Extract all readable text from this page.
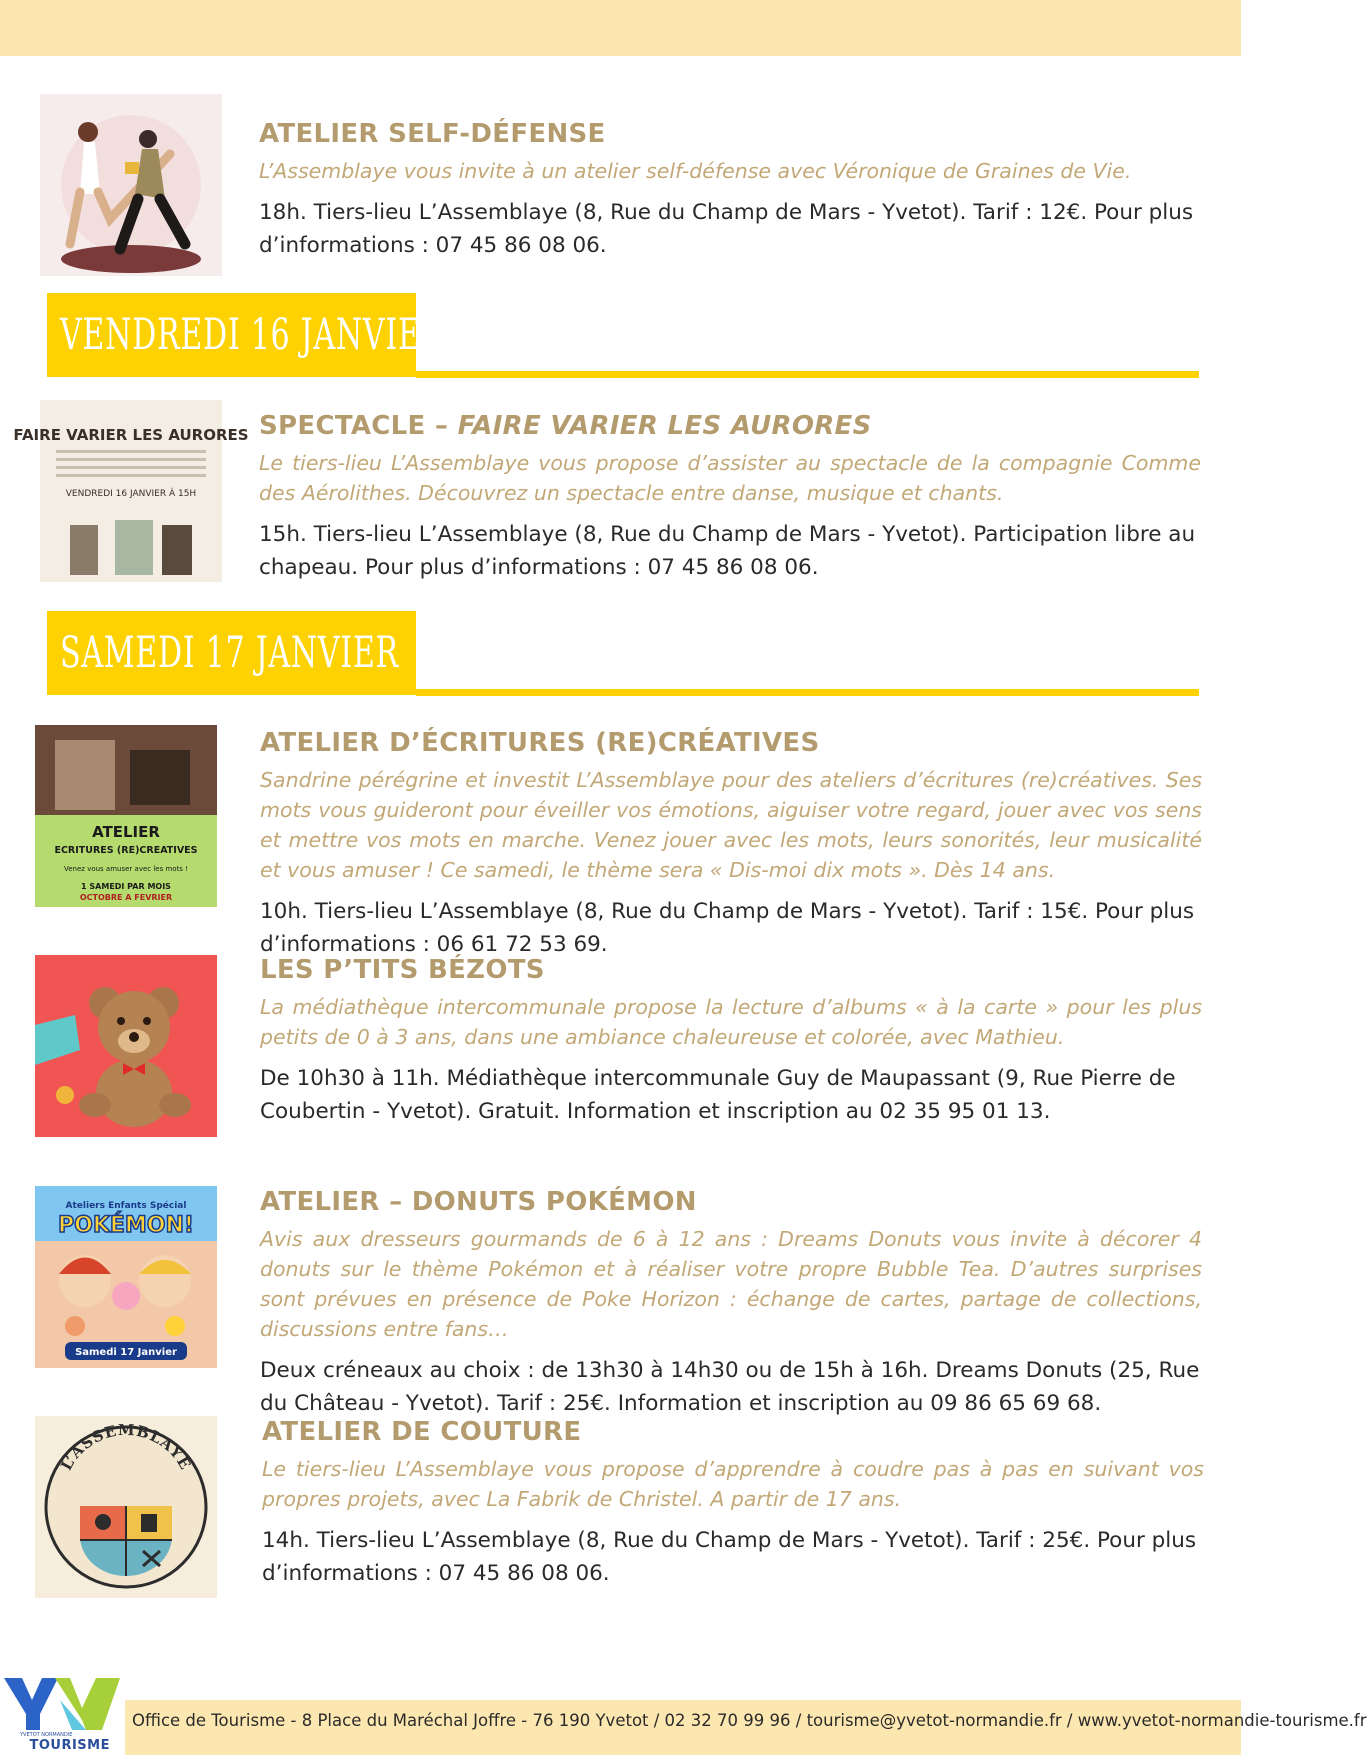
ATELIER SELF-DÉFENSE
L’Assemblaye vous invite à un atelier self-défense avec Véronique de Graines de Vie.
18h. Tiers-lieu L’Assemblaye (8, Rue du Champ de Mars - Yvetot). Tarif : 12€. Pour plus d’informations : 07 45 86 08 06.
VENDREDI 16 JANVIER
FAIRE VARIER LES AURORES
VENDREDI 16 JANVIER À 15H
SPECTACLE – FAIRE VARIER LES AURORES
Le tiers-lieu L’Assemblaye vous propose d’assister au spectacle de la compagnie Comme des Aérolithes. Découvrez un spectacle entre danse, musique et chants.
15h. Tiers-lieu L’Assemblaye (8, Rue du Champ de Mars - Yvetot). Participation libre au chapeau. Pour plus d’informations : 07 45 86 08 06.
SAMEDI 17 JANVIER
ATELIER
ECRITURES (RE)CREATIVES
Venez vous amuser avec les mots !
1 SAMEDI PAR MOIS
OCTOBRE A FEVRIER
ATELIER D’ÉCRITURES (RE)CRÉATIVES
Sandrine pérégrine et investit L’Assemblaye pour des ateliers d’écritures (re)créatives. Ses mots vous guideront pour éveiller vos émotions, aiguiser votre regard, jouer avec vos sens et mettre vos mots en marche. Venez jouer avec les mots, leurs sonorités, leur musicalité et vous amuser ! Ce samedi, le thème sera « Dis-moi dix mots ». Dès 14 ans.
10h. Tiers-lieu L’Assemblaye (8, Rue du Champ de Mars - Yvetot). Tarif : 15€. Pour plus d’informations : 06 61 72 53 69.
LES P’TITS BÉZOTS
La médiathèque intercommunale propose la lecture d’albums « à la carte » pour les plus petits de 0 à 3 ans, dans une ambiance chaleureuse et colorée, avec Mathieu.
De 10h30 à 11h. Médiathèque intercommunale Guy de Maupassant (9, Rue Pierre de Coubertin - Yvetot). Gratuit. Information et inscription au 02 35 95 01 13.
Ateliers Enfants Spécial
POKÉMON!
Samedi 17 Janvier
ATELIER – DONUTS POKÉMON
Avis aux dresseurs gourmands de 6 à 12 ans : Dreams Donuts vous invite à décorer 4 donuts sur le thème Pokémon et à réaliser votre propre Bubble Tea. D’autres surprises sont prévues en présence de Poke Horizon : échange de cartes, partage de collections, discussions entre fans…
Deux créneaux au choix : de 13h30 à 14h30 ou de 15h à 16h. Dreams Donuts (25, Rue du Château - Yvetot). Tarif : 25€. Information et inscription au 09 86 65 69 68.
L’ASSEMBLAYE
ATELIER DE COUTURE
Le tiers-lieu L’Assemblaye vous propose d’apprendre à coudre pas à pas en suivant vos propres projets, avec La Fabrik de Christel. A partir de 17 ans.
14h. Tiers-lieu L’Assemblaye (8, Rue du Champ de Mars - Yvetot). Tarif : 25€. Pour plus d’informations : 07 45 86 08 06.
YVETOT NORMANDIE
TOURISME
Office de Tourisme - 8 Place du Maréchal Joffre - 76 190 Yvetot / 02 32 70 99 96 / tourisme@yvetot-normandie.fr / www.yvetot-normandie-tourisme.fr
